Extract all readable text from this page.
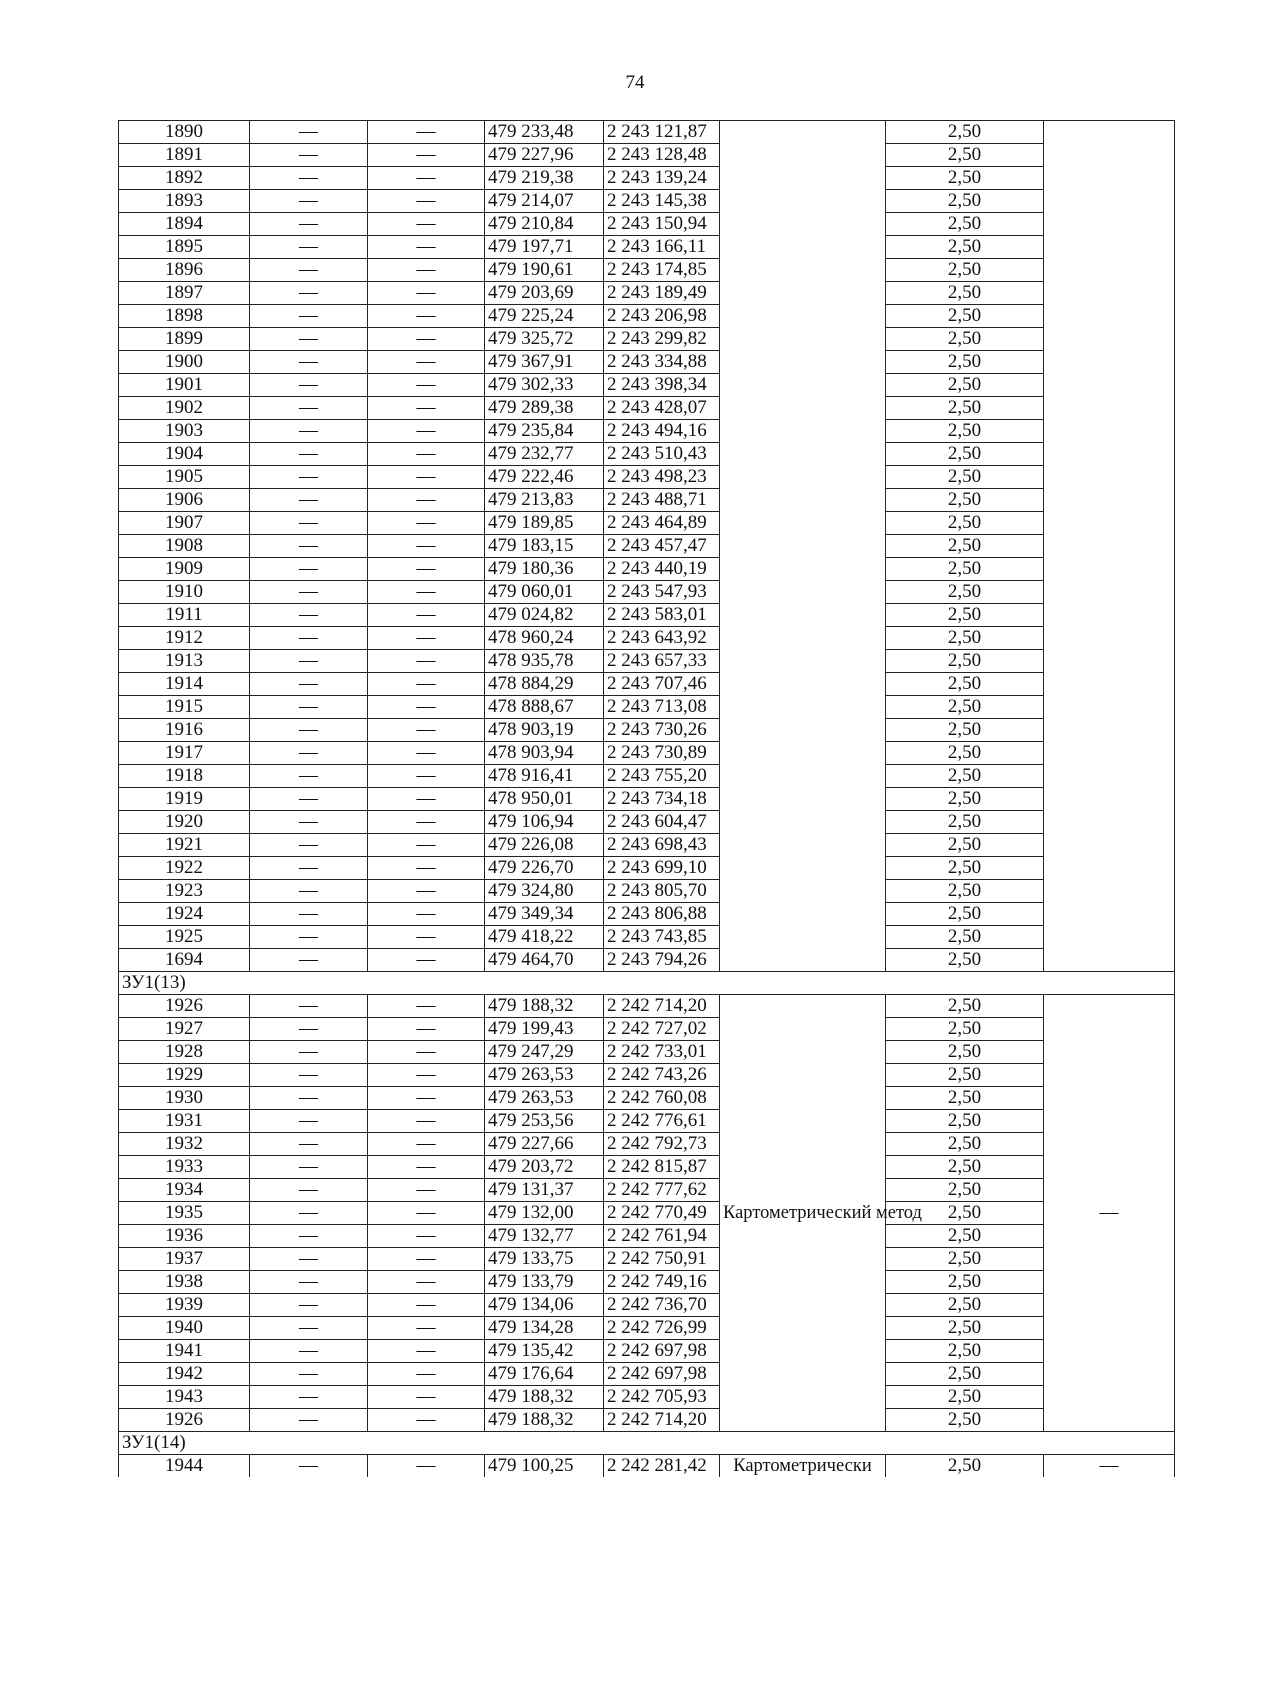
74
1890	—	—	479 233,48	2 243 121,87		2,50	
1891	—	—	479 227,96	2 243 128,48		2,50	
1892	—	—	479 219,38	2 243 139,24		2,50	
1893	—	—	479 214,07	2 243 145,38		2,50	
1894	—	—	479 210,84	2 243 150,94		2,50	
1895	—	—	479 197,71	2 243 166,11		2,50	
1896	—	—	479 190,61	2 243 174,85		2,50	
1897	—	—	479 203,69	2 243 189,49		2,50	
1898	—	—	479 225,24	2 243 206,98		2,50	
1899	—	—	479 325,72	2 243 299,82		2,50	
1900	—	—	479 367,91	2 243 334,88		2,50	
1901	—	—	479 302,33	2 243 398,34		2,50	
1902	—	—	479 289,38	2 243 428,07		2,50	
1903	—	—	479 235,84	2 243 494,16		2,50	
1904	—	—	479 232,77	2 243 510,43		2,50	
1905	—	—	479 222,46	2 243 498,23		2,50	
1906	—	—	479 213,83	2 243 488,71		2,50	
1907	—	—	479 189,85	2 243 464,89		2,50	
1908	—	—	479 183,15	2 243 457,47		2,50	
1909	—	—	479 180,36	2 243 440,19		2,50	
1910	—	—	479 060,01	2 243 547,93		2,50	
1911	—	—	479 024,82	2 243 583,01		2,50	
1912	—	—	478 960,24	2 243 643,92		2,50	
1913	—	—	478 935,78	2 243 657,33		2,50	
1914	—	—	478 884,29	2 243 707,46		2,50	
1915	—	—	478 888,67	2 243 713,08		2,50	
1916	—	—	478 903,19	2 243 730,26		2,50	
1917	—	—	478 903,94	2 243 730,89		2,50	
1918	—	—	478 916,41	2 243 755,20		2,50	
1919	—	—	478 950,01	2 243 734,18		2,50	
1920	—	—	479 106,94	2 243 604,47		2,50	
1921	—	—	479 226,08	2 243 698,43		2,50	
1922	—	—	479 226,70	2 243 699,10		2,50	
1923	—	—	479 324,80	2 243 805,70		2,50	
1924	—	—	479 349,34	2 243 806,88		2,50	
1925	—	—	479 418,22	2 243 743,85		2,50	
1694	—	—	479 464,70	2 243 794,26		2,50	
ЗУ1(13)							
1926	—	—	479 188,32	2 242 714,20	Картометрический метод	2,50	—
1927	—	—	479 199,43	2 242 727,02		2,50	
1928	—	—	479 247,29	2 242 733,01		2,50	
1929	—	—	479 263,53	2 242 743,26		2,50	
1930	—	—	479 263,53	2 242 760,08		2,50	
1931	—	—	479 253,56	2 242 776,61		2,50	
1932	—	—	479 227,66	2 242 792,73		2,50	
1933	—	—	479 203,72	2 242 815,87		2,50	
1934	—	—	479 131,37	2 242 777,62		2,50	
1935	—	—	479 132,00	2 242 770,49		2,50	
1936	—	—	479 132,77	2 242 761,94		2,50	
1937	—	—	479 133,75	2 242 750,91		2,50	
1938	—	—	479 133,79	2 242 749,16		2,50	
1939	—	—	479 134,06	2 242 736,70		2,50	
1940	—	—	479 134,28	2 242 726,99		2,50	
1941	—	—	479 135,42	2 242 697,98		2,50	
1942	—	—	479 176,64	2 242 697,98		2,50	
1943	—	—	479 188,32	2 242 705,93		2,50	
1926	—	—	479 188,32	2 242 714,20		2,50	
ЗУ1(14)							
1944	—	—	479 100,25	2 242 281,42	Картометрически	2,50	—
